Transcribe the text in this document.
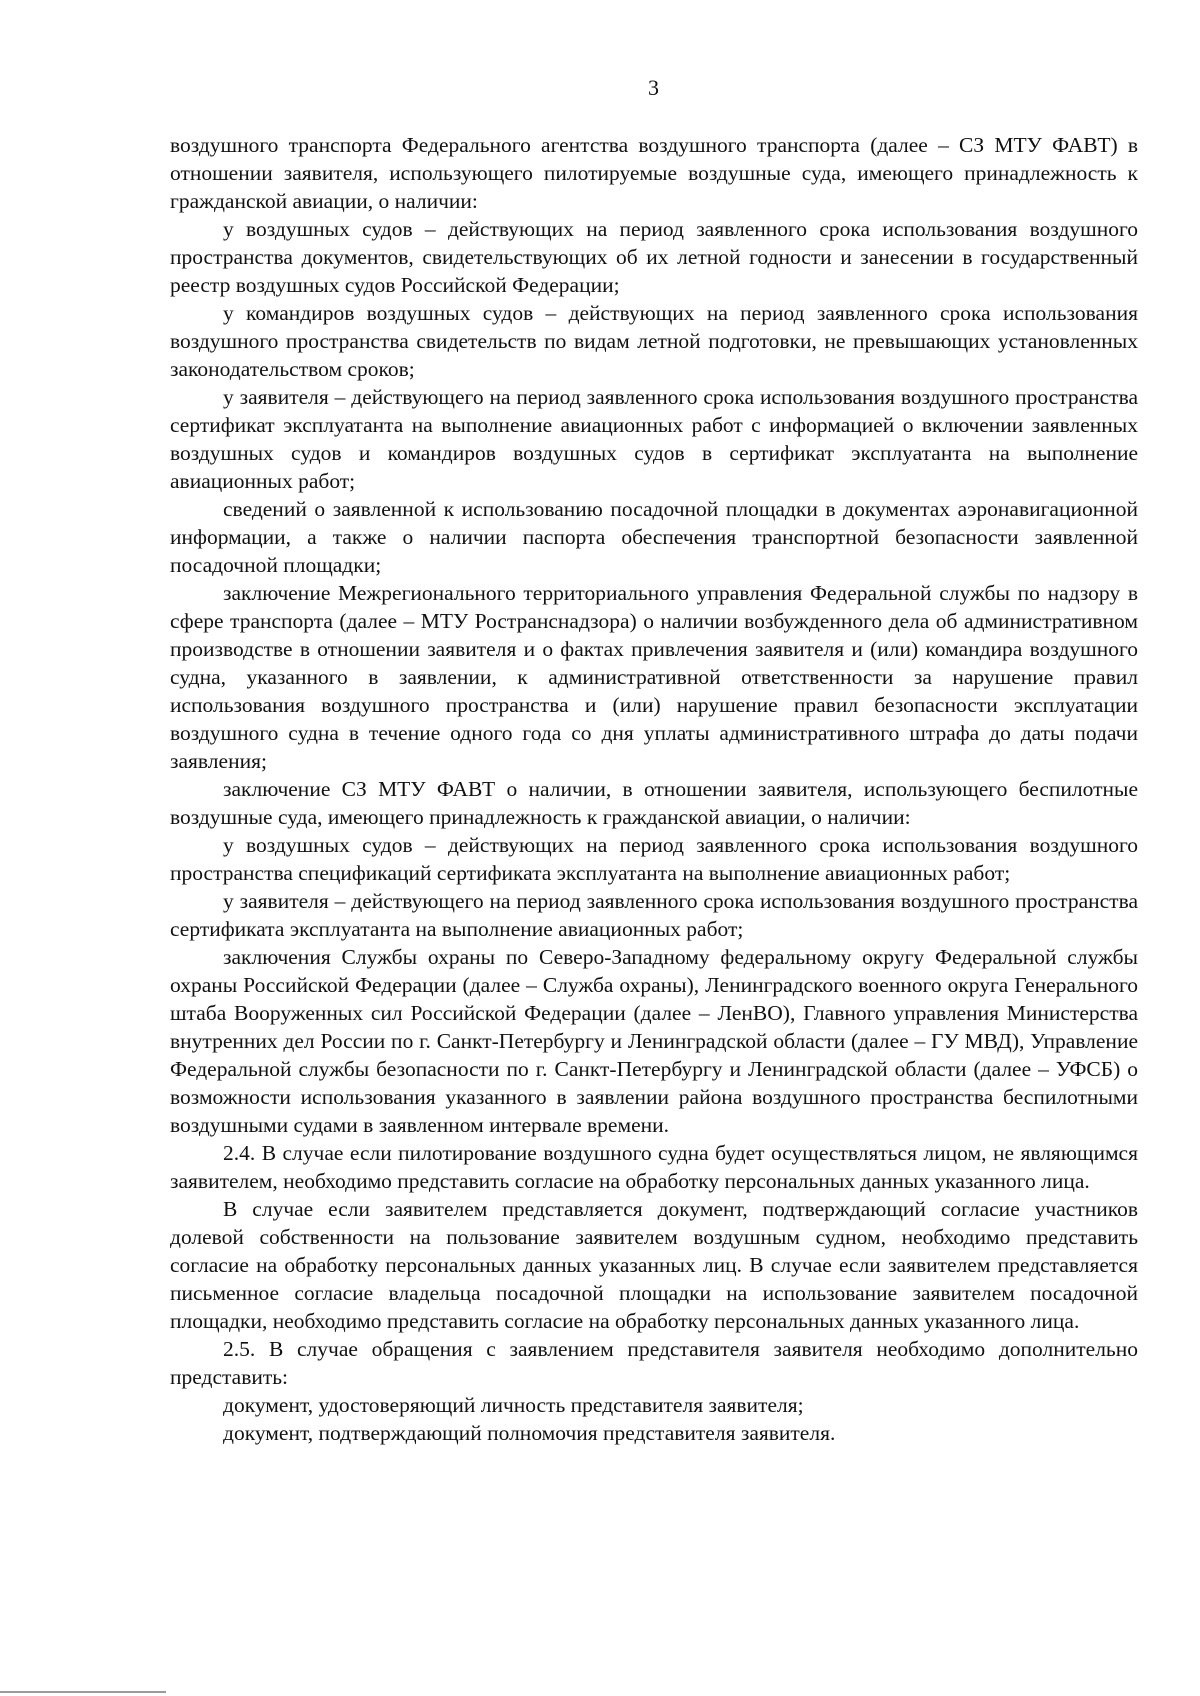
3

воздушного транспорта Федерального агентства воздушного транспорта (далее – СЗ МТУ ФАВТ) в отношении заявителя, использующего пилотируемые воздушные суда, имеющего принадлежность к гражданской авиации, о наличии:

у воздушных судов – действующих на период заявленного срока использования воздушного пространства документов, свидетельствующих об их летной годности и занесении в государственный реестр воздушных судов Российской Федерации;

у командиров воздушных судов – действующих на период заявленного срока использования воздушного пространства свидетельств по видам летной подготовки, не превышающих установленных законодательством сроков;

у заявителя – действующего на период заявленного срока использования воздушного пространства сертификат эксплуатанта на выполнение авиационных работ с информацией о включении заявленных воздушных судов и командиров воздушных судов в сертификат эксплуатанта на выполнение авиационных работ;

сведений о заявленной к использованию посадочной площадки в документах аэронавигационной информации, а также о наличии паспорта обеспечения транспортной безопасности заявленной посадочной площадки;

заключение Межрегионального территориального управления Федеральной службы по надзору в сфере транспорта (далее – МТУ Ространснадзора) о наличии возбужденного дела об административном производстве в отношении заявителя и о фактах привлечения заявителя и (или) командира воздушного судна, указанного в заявлении, к административной ответственности за нарушение правил использования воздушного пространства и (или) нарушение правил безопасности эксплуатации воздушного судна в течение одного года со дня уплаты административного штрафа до даты подачи заявления;

заключение СЗ МТУ ФАВТ о наличии, в отношении заявителя, использующего беспилотные воздушные суда, имеющего принадлежность к гражданской авиации, о наличии:

у воздушных судов – действующих на период заявленного срока использования воздушного пространства спецификаций сертификата эксплуатанта на выполнение авиационных работ;

у заявителя – действующего на период заявленного срока использования воздушного пространства сертификата эксплуатанта на выполнение авиационных работ;

заключения Службы охраны по Северо-Западному федеральному округу Федеральной службы охраны Российской Федерации (далее – Служба охраны), Ленинградского военного округа Генерального штаба Вооруженных сил Российской Федерации (далее – ЛенВО), Главного управления Министерства внутренних дел России по г. Санкт-Петербургу и Ленинградской области (далее – ГУ МВД), Управление Федеральной службы безопасности по г. Санкт-Петербургу и Ленинградской области (далее – УФСБ) о возможности использования указанного в заявлении района воздушного пространства беспилотными воздушными судами в заявленном интервале времени.

2.4. В случае если пилотирование воздушного судна будет осуществляться лицом, не являющимся заявителем, необходимо представить согласие на обработку персональных данных указанного лица.

В случае если заявителем представляется документ, подтверждающий согласие участников долевой собственности на пользование заявителем воздушным судном, необходимо представить согласие на обработку персональных данных указанных лиц. В случае если заявителем представляется письменное согласие владельца посадочной площадки на использование заявителем посадочной площадки, необходимо представить согласие на обработку персональных данных указанного лица.

2.5. В случае обращения с заявлением представителя заявителя необходимо дополнительно представить:

документ, удостоверяющий личность представителя заявителя;

документ, подтверждающий полномочия представителя заявителя.
